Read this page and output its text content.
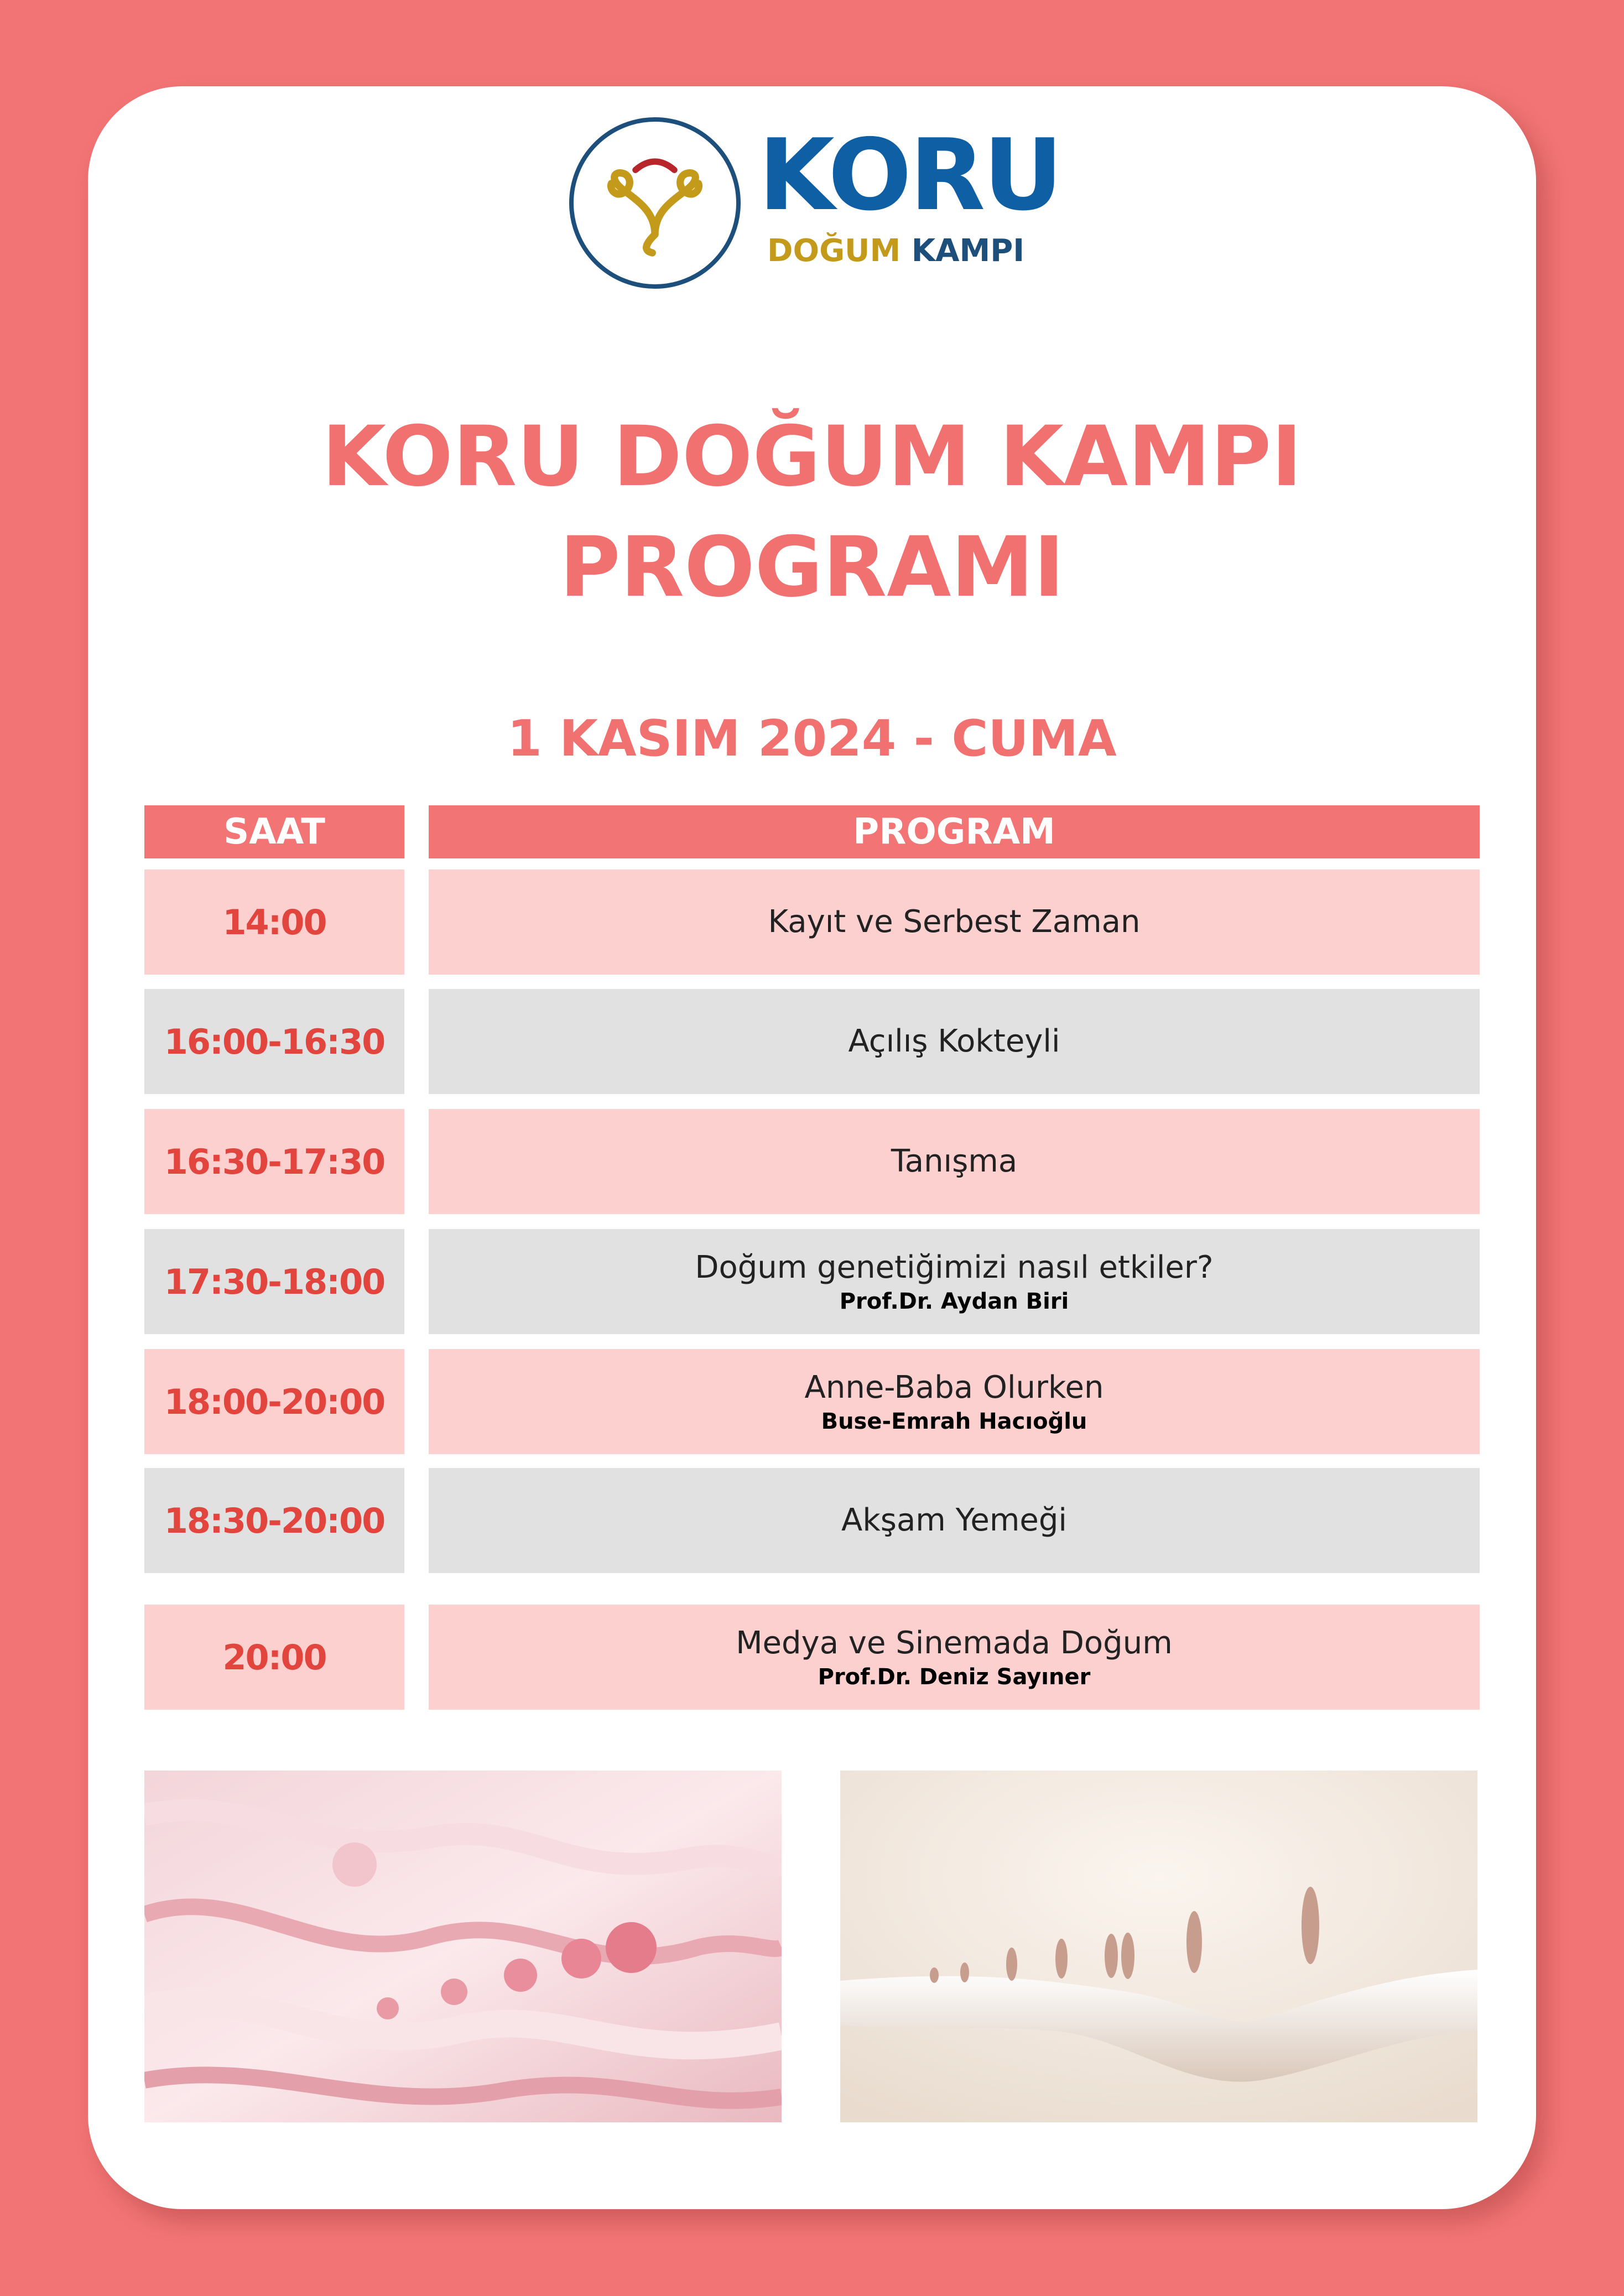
KORU
DOĞUM KAMPI
KORU DOĞUM KAMPI
PROGRAMI
1 KASIM 2024 - CUMA
SAAT	PROGRAM
14:00	Kayıt ve Serbest Zaman
16:00-16:30	Açılış Kokteyli
16:30-17:30	Tanışma
17:30-18:00	Doğum genetiğimizi nasıl etkiler?
Prof.Dr. Aydan Biri
18:00-20:00	Anne-Baba Olurken
Buse-Emrah Hacıoğlu
18:30-20:00	Akşam Yemeği
20:00	Medya ve Sinemada Doğum
Prof.Dr. Deniz Sayıner
